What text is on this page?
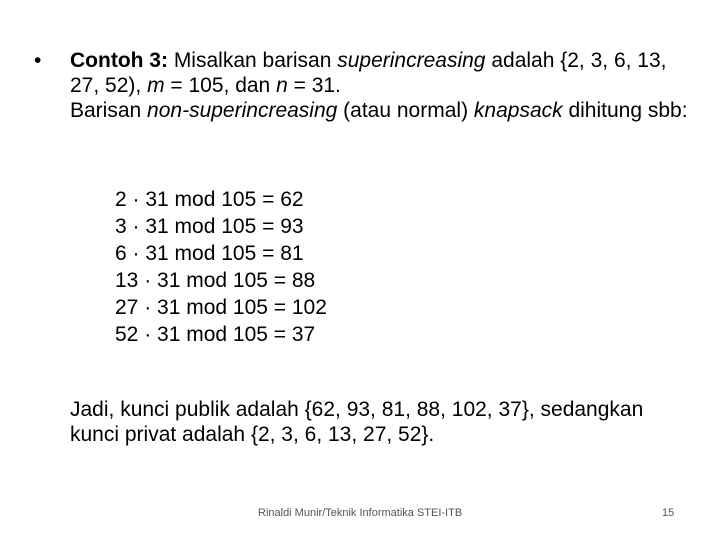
• Contoh 3: Misalkan barisan superincreasing adalah {2, 3, 6, 13, 27, 52), m = 105, dan n = 31.

Barisan non-superincreasing (atau normal) knapsack dihitung sbb:

2 · 31 mod 105 = 62
3 · 31 mod 105 = 93
6 · 31 mod 105 = 81
13 · 31 mod 105 = 88
27 · 31 mod 105 = 102
52 · 31 mod 105 = 37
Jadi, kunci publik adalah {62, 93, 81, 88, 102, 37}, sedangkan kunci privat adalah {2, 3, 6, 13, 27, 52}.
Rinaldi Munir/Teknik Informatika STEI-ITB	15
